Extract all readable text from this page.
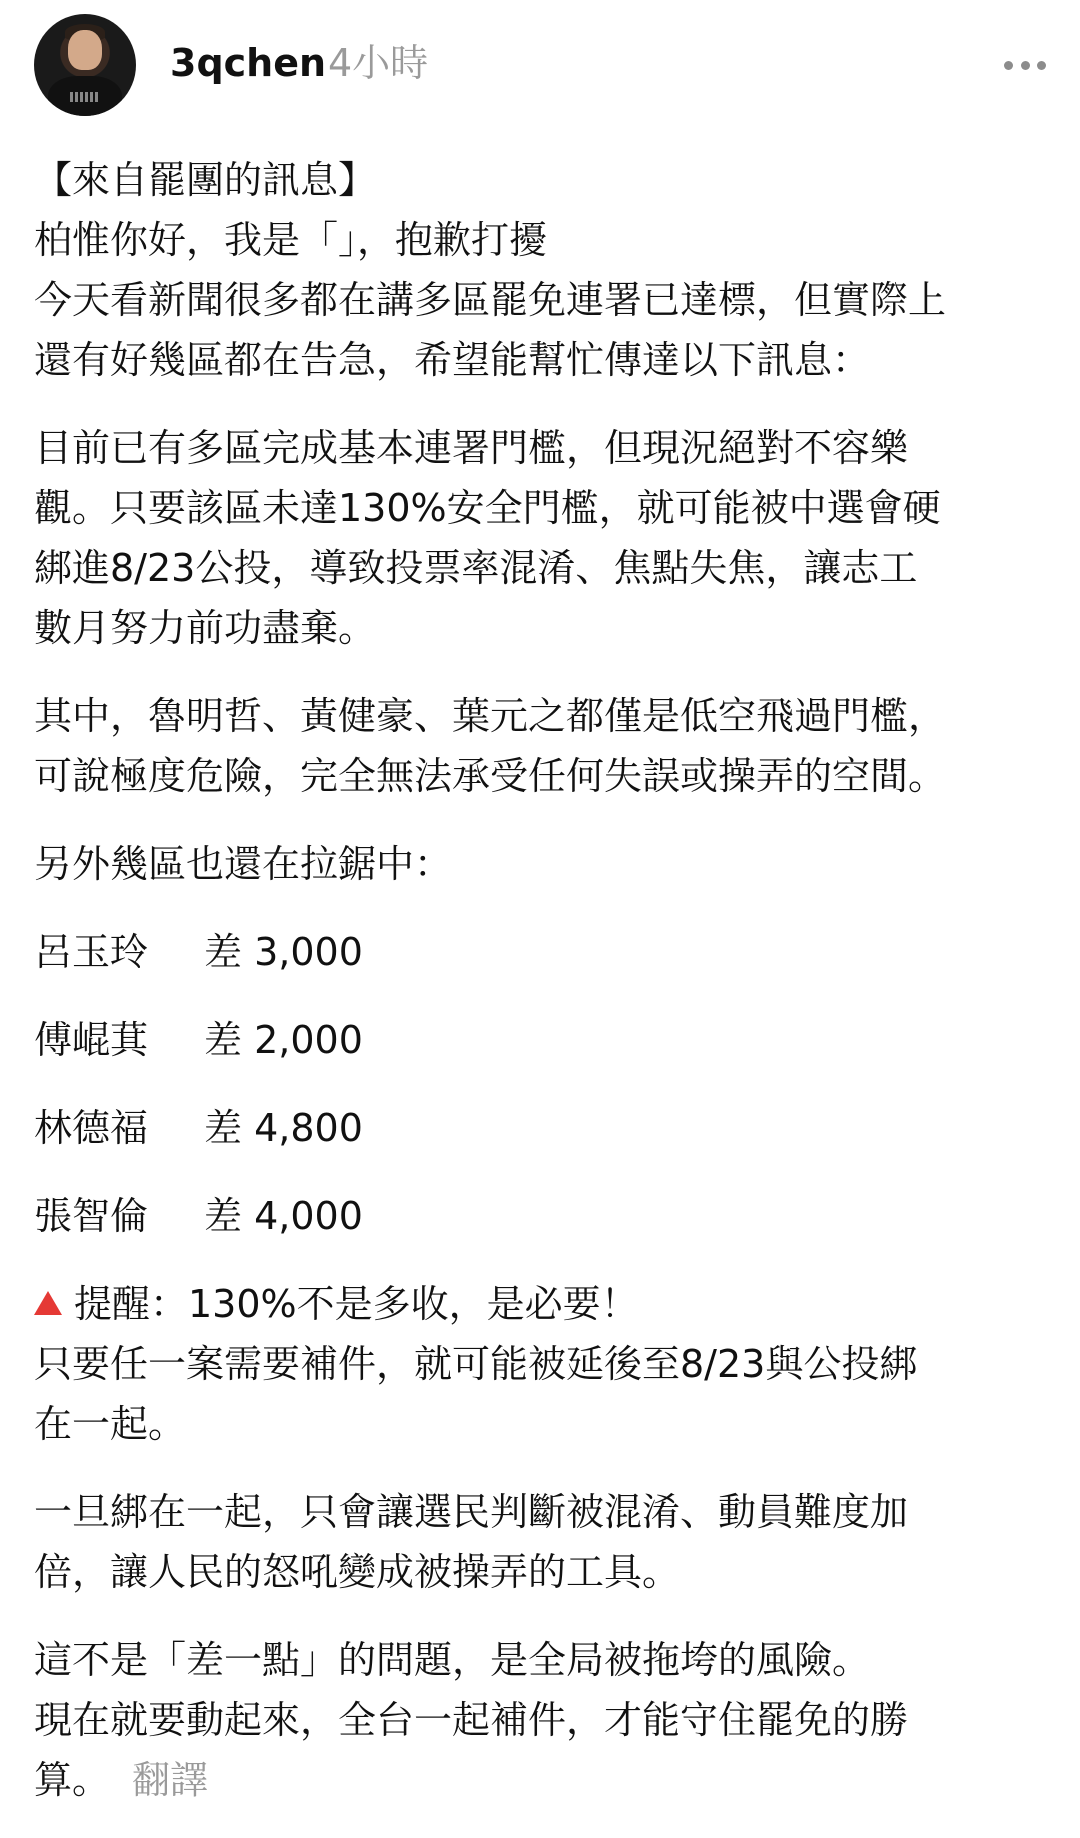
3qchen 4小時
【來自罷團的訊息】
柏惟你好，我是「」，抱歉打擾
今天看新聞很多都在講多區罷免連署已達標，但實際上
還有好幾區都在告急，希望能幫忙傳達以下訊息：
目前已有多區完成基本連署門檻，但現況絕對不容樂
觀。只要該區未達130%安全門檻，就可能被中選會硬
綁進8/23公投，導致投票率混淆、焦點失焦，讓志工
數月努力前功盡棄。
其中，魯明哲、黃健豪、葉元之都僅是低空飛過門檻，
可說極度危險，完全無法承受任何失誤或操弄的空間。
另外幾區也還在拉鋸中：
呂玉玲 差 3,000
傅崐萁 差 2,000
林德福 差 4,800
張智倫 差 4,000
提醒：130%不是多收，是必要！
只要任一案需要補件，就可能被延後至8/23與公投綁
在一起。
一旦綁在一起，只會讓選民判斷被混淆、動員難度加
倍，讓人民的怒吼變成被操弄的工具。
這不是「差一點」的問題，是全局被拖垮的風險。
現在就要動起來，全台一起補件，才能守住罷免的勝
算。 翻譯
